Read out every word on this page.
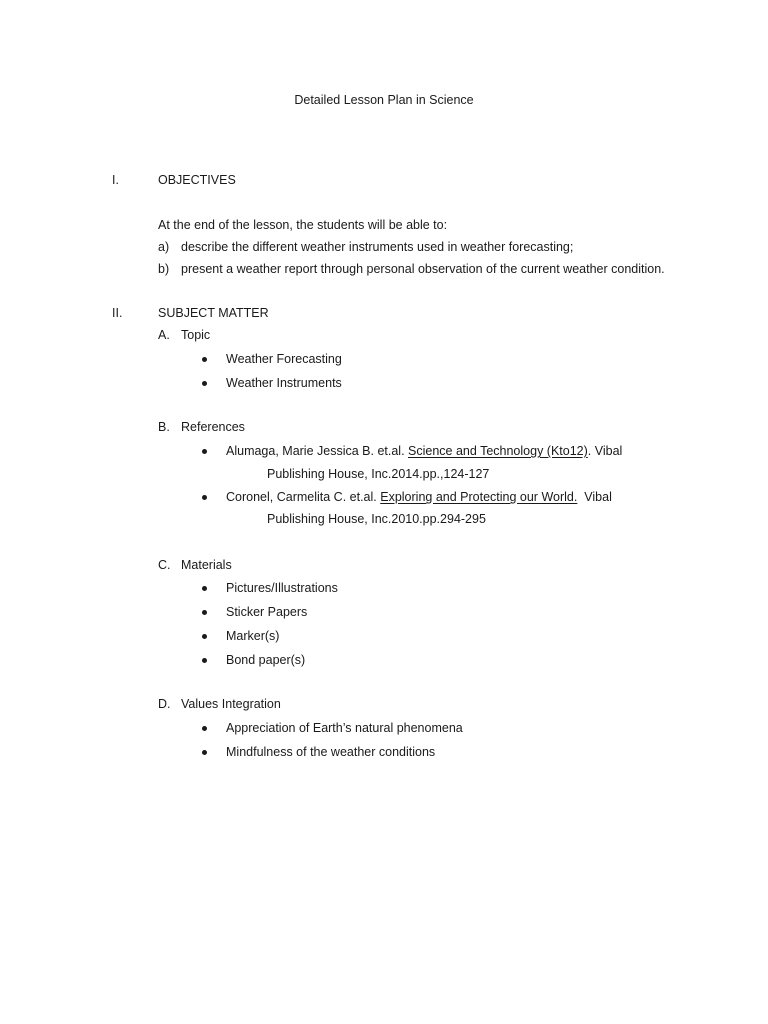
Detailed Lesson Plan in Science
I.	OBJECTIVES
At the end of the lesson, the students will be able to:
a) describe the different weather instruments used in weather forecasting;
b) present a weather report through personal observation of the current weather condition.
II.	SUBJECT MATTER
A. Topic
Weather Forecasting
Weather Instruments
B. References
Alumaga, Marie Jessica B. et.al. Science and Technology (Kto12). Vibal
Publishing House, Inc.2014.pp.,124-127
Coronel, Carmelita C. et.al. Exploring and Protecting our World.  Vibal
Publishing House, Inc.2010.pp.294-295
C. Materials
Pictures/Illustrations
Sticker Papers
Marker(s)
Bond paper(s)
D. Values Integration
Appreciation of Earth’s natural phenomena
Mindfulness of the weather conditions
